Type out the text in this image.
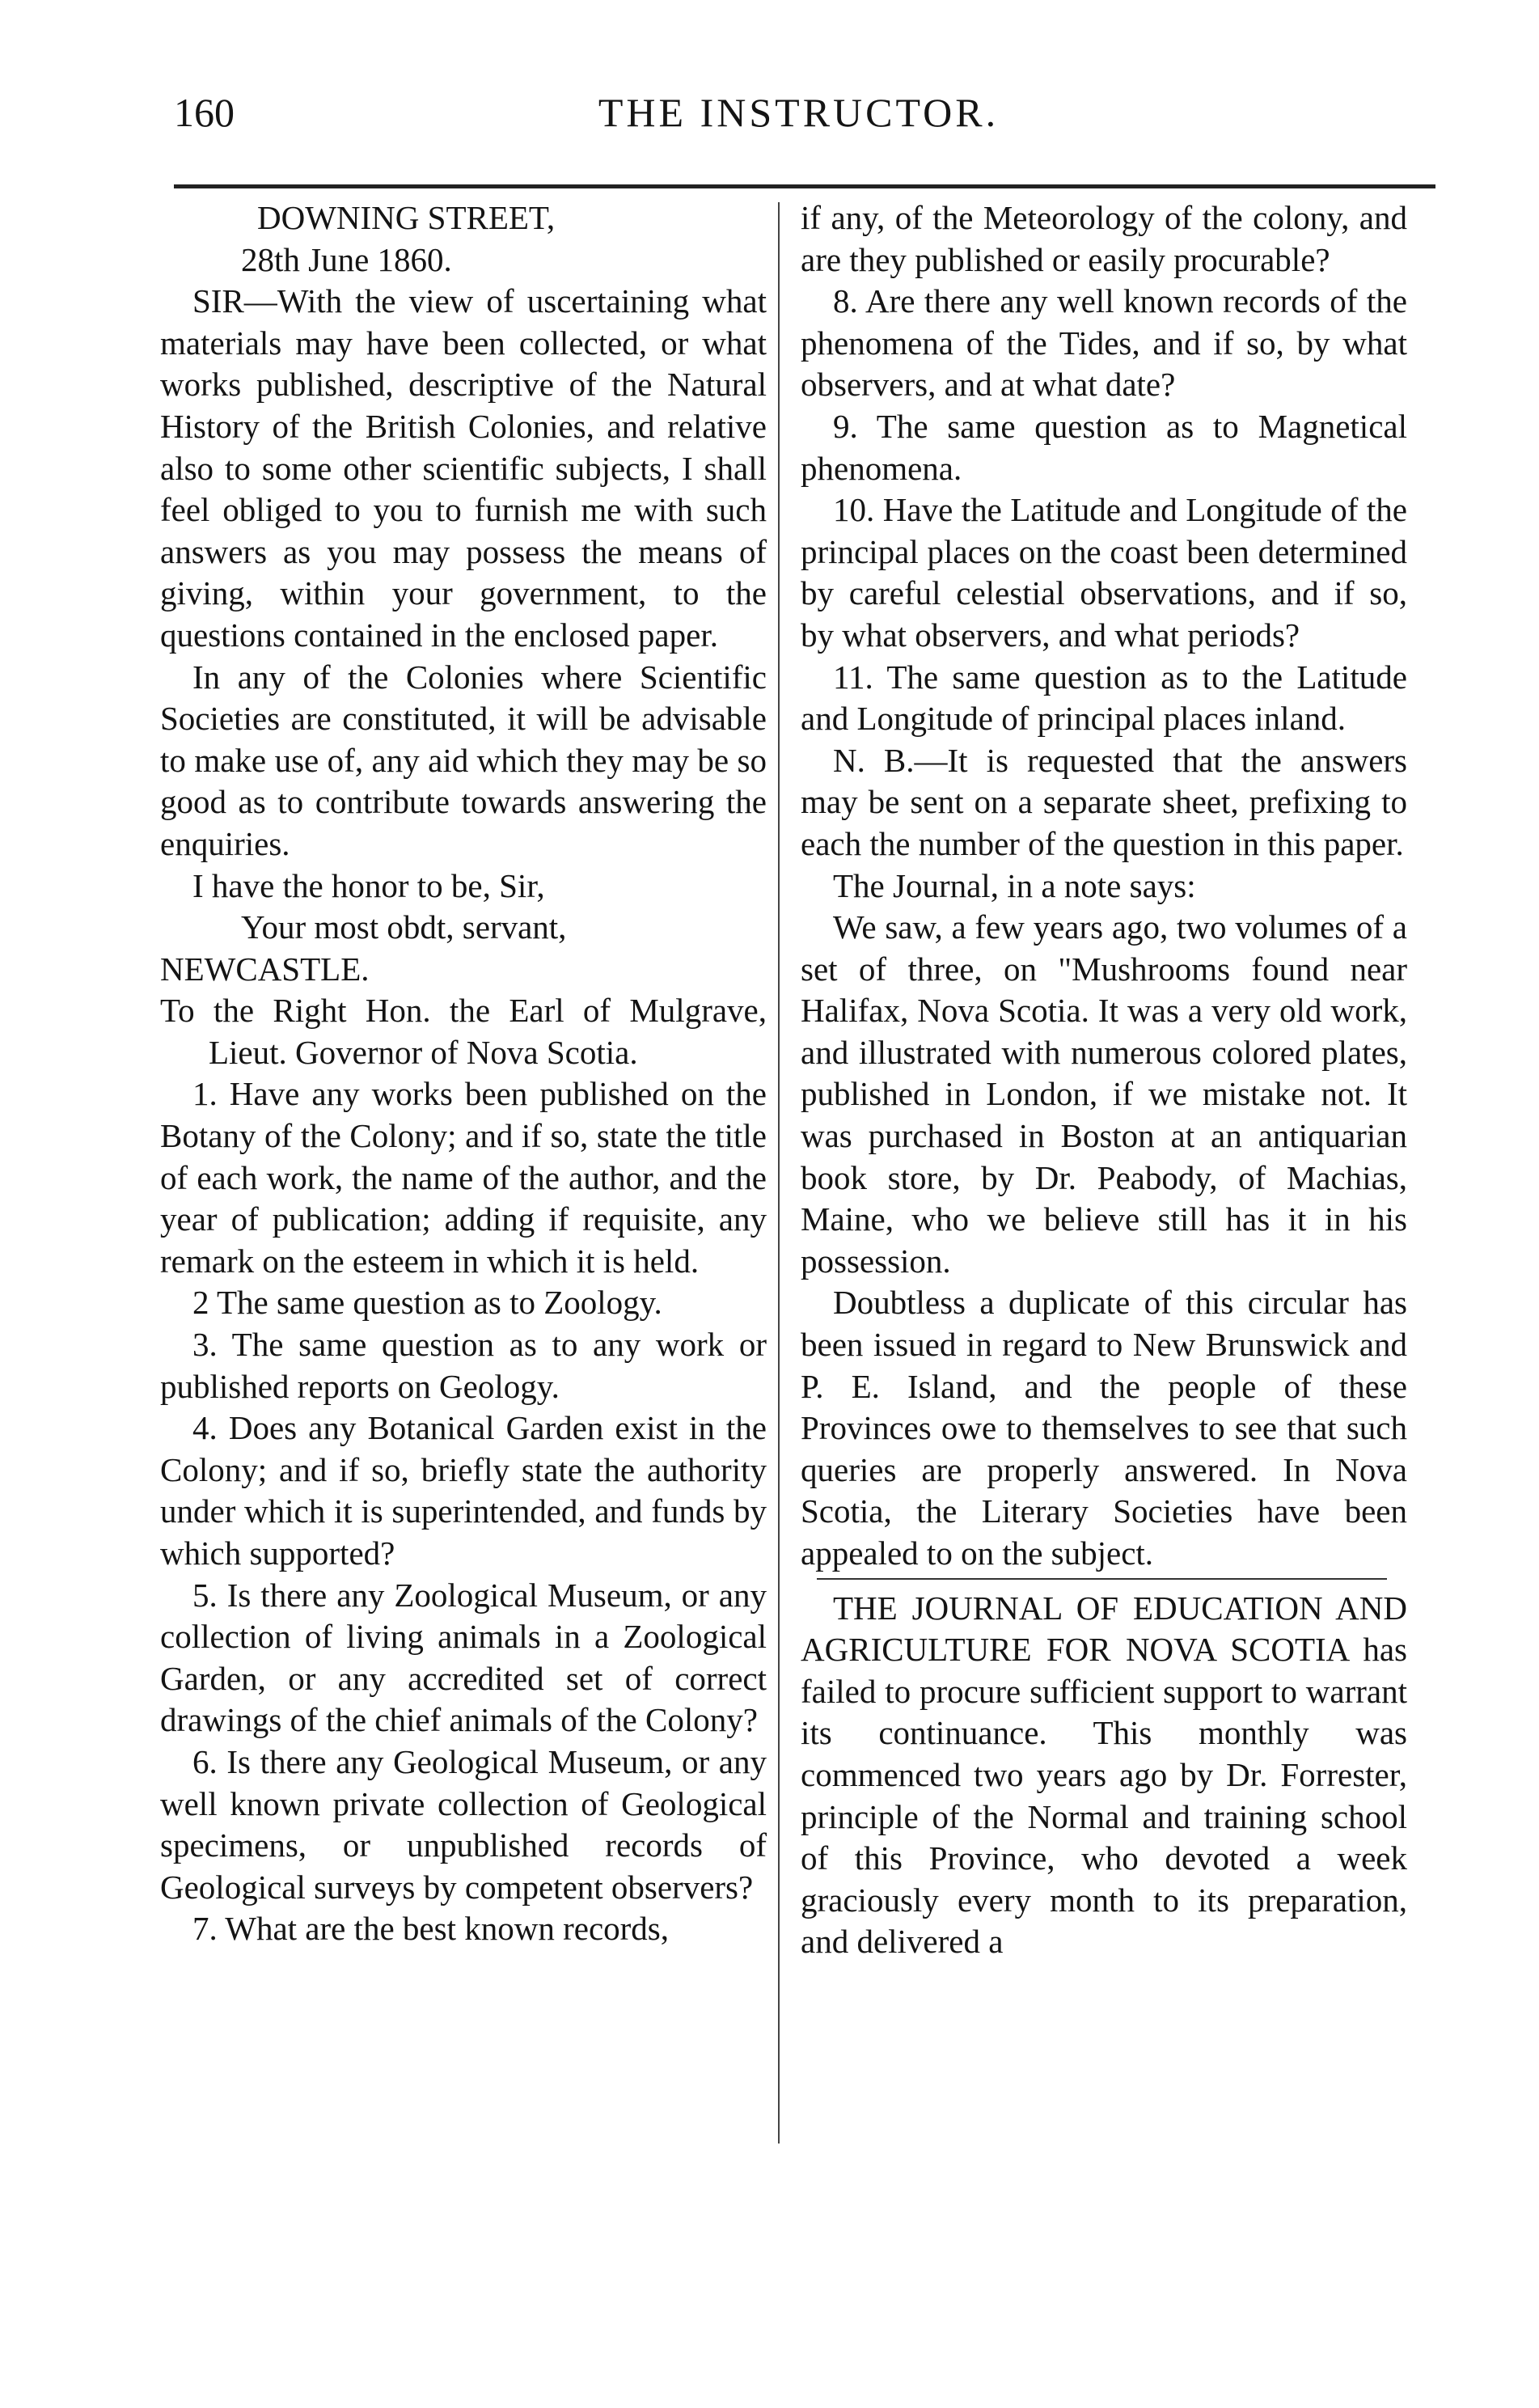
160	THE INSTRUCTOR.

DOWNING STREET,

28th June 1860.

SIR—With the view of uscertaining what materials may have been collected, or what works published, descriptive of the Natural History of the British Colonies, and relative also to some other scientific subjects, I shall feel obliged to you to furnish me with such answers as you may possess the means of giving, within your government, to the questions contained in the enclosed paper.

In any of the Colonies where Scientific Societies are constituted, it will be advisable to make use of, any aid which they may be so good as to contribute towards answering the enquiries.

I have the honor to be, Sir,

Your most obdt, servant,

NEWCASTLE.

To the Right Hon. the Earl of Mulgrave, Lieut. Governor of Nova Scotia.

1. Have any works been published on the Botany of the Colony; and if so, state the title of each work, the name of the author, and the year of publication; adding if requisite, any remark on the esteem in which it is held.

2 The same question as to Zoology.

3. The same question as to any work or published reports on Geology.

4. Does any Botanical Garden exist in the Colony; and if so, briefly state the authority under which it is superintended, and funds by which supported?

5. Is there any Zoological Museum, or any collection of living animals in a Zoological Garden, or any accredited set of correct drawings of the chief animals of the Colony?

6. Is there any Geological Museum, or any well known private collection of Geological specimens, or unpublished records of Geological surveys by competent observers?

7. What are the best known records,

if any, of the Meteorology of the colony, and are they published or easily procurable?

8. Are there any well known records of the phenomena of the Tides, and if so, by what observers, and at what date?

9. The same question as to Magnetical phenomena.

10. Have the Latitude and Longitude of the principal places on the coast been determined by careful celestial observations, and if so, by what observers, and what periods?

11. The same question as to the Latitude and Longitude of principal places inland.

N. B.—It is requested that the answers may be sent on a separate sheet, prefixing to each the number of the question in this paper.

The Journal, in a note says:

We saw, a few years ago, two volumes of a set of three, on "Mushrooms found near Halifax, Nova Scotia. It was a very old work, and illustrated with numerous colored plates, published in London, if we mistake not. It was purchased in Boston at an antiquarian book store, by Dr. Peabody, of Machias, Maine, who we believe still has it in his possession.

Doubtless a duplicate of this circular has been issued in regard to New Brunswick and P. E. Island, and the people of these Provinces owe to themselves to see that such queries are properly answered. In Nova Scotia, the Literary Societies have been appealed to on the subject.

THE JOURNAL OF EDUCATION AND AGRICULTURE FOR NOVA SCOTIA has failed to procure sufficient support to warrant its continuance. This monthly was commenced two years ago by Dr. Forrester, principle of the Normal and training school of this Province, who devoted a week graciously every month to its preparation, and delivered a
